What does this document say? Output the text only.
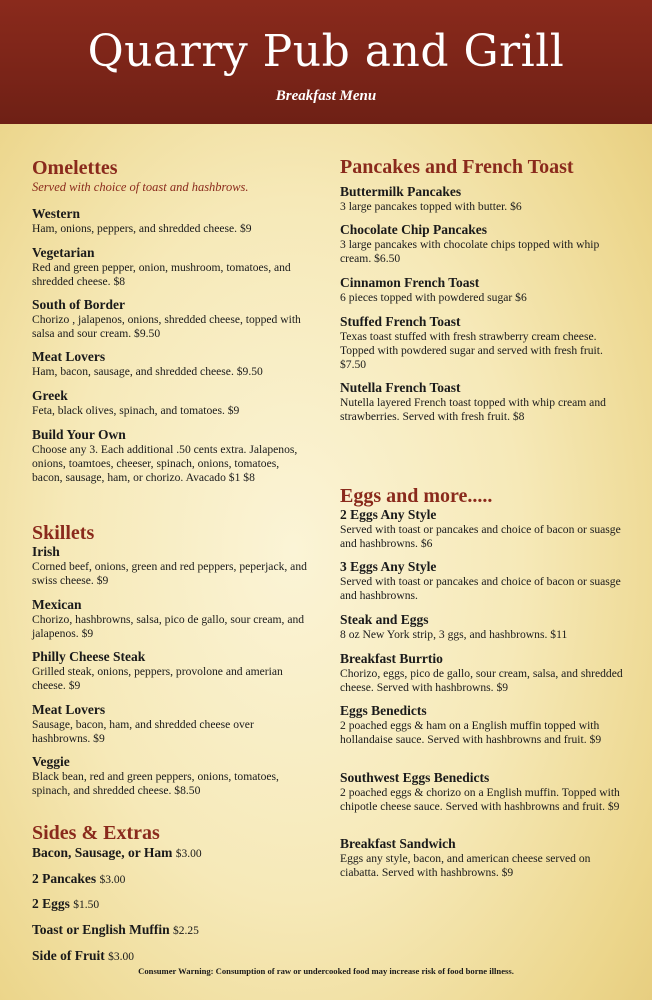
Quarry Pub and Grill
Breakfast Menu
Omelettes
Served with choice of toast and hashbrows.
Western
Ham, onions, peppers, and shredded cheese. $9
Vegetarian
Red and green pepper, onion, mushroom, tomatoes, and shredded cheese. $8
South of Border
Chorizo , jalapenos, onions, shredded cheese, topped with salsa and sour cream. $9.50
Meat Lovers
Ham, bacon, sausage, and shredded cheese. $9.50
Greek
Feta, black olives, spinach, and tomatoes. $9
Build Your Own
Choose any 3. Each additional .50 cents extra. Jalapenos, onions, toamtoes, cheeser, spinach, onions, tomatoes, bacon, sausage, ham, or chorizo. Avacado $1 $8
Skillets
Irish
Corned beef, onions, green and red peppers, peperjack, and swiss cheese. $9
Mexican
Chorizo, hashbrowns, salsa, pico de gallo, sour cream, and jalapenos. $9
Philly Cheese Steak
Grilled steak, onions, peppers, provolone and amerian cheese. $9
Meat Lovers
Sausage, bacon, ham, and shredded cheese over hashbrowns. $9
Veggie
Black bean, red and green peppers, onions, tomatoes, spinach, and shredded cheese. $8.50
Sides & Extras
Bacon, Sausage, or Ham $3.00
2 Pancakes $3.00
2 Eggs $1.50
Toast or English Muffin $2.25
Side of Fruit $3.00
Pancakes and French Toast
Buttermilk Pancakes
3 large pancakes topped with butter. $6
Chocolate Chip Pancakes
3 large pancakes with chocolate chips topped with whip cream. $6.50
Cinnamon French Toast
6 pieces topped with powdered sugar $6
Stuffed French Toast
Texas toast stuffed with fresh strawberry cream cheese. Topped with powdered sugar and served with fresh fruit. $7.50
Nutella French Toast
Nutella layered French toast topped with whip cream and strawberries. Served with fresh fruit. $8
Eggs and more.....
2 Eggs Any Style
Served with toast or pancakes and choice of bacon or suasge and hashbrowns. $6
3 Eggs Any Style
Served with toast or pancakes and choice of bacon or suasge and hashbrowns.
Steak and Eggs
8 oz New York strip, 3 ggs, and hashbrowns. $11
Breakfast Burrtio
Chorizo, eggs, pico de gallo, sour cream, salsa, and shredded cheese. Served with hashbrowns. $9
Eggs Benedicts
2 poached eggs & ham on a English muffin topped with hollandaise sauce. Served with hashbrowns and fruit. $9
Southwest Eggs Benedicts
2 poached eggs & chorizo on a English muffin. Topped with chipotle cheese sauce. Served with hashbrowns and fruit. $9
Breakfast Sandwich
Eggs any style, bacon, and american cheese served on ciabatta. Served with hashbrowns. $9
Consumer Warning: Consumption of raw or undercooked food may increase risk of food borne illness.
